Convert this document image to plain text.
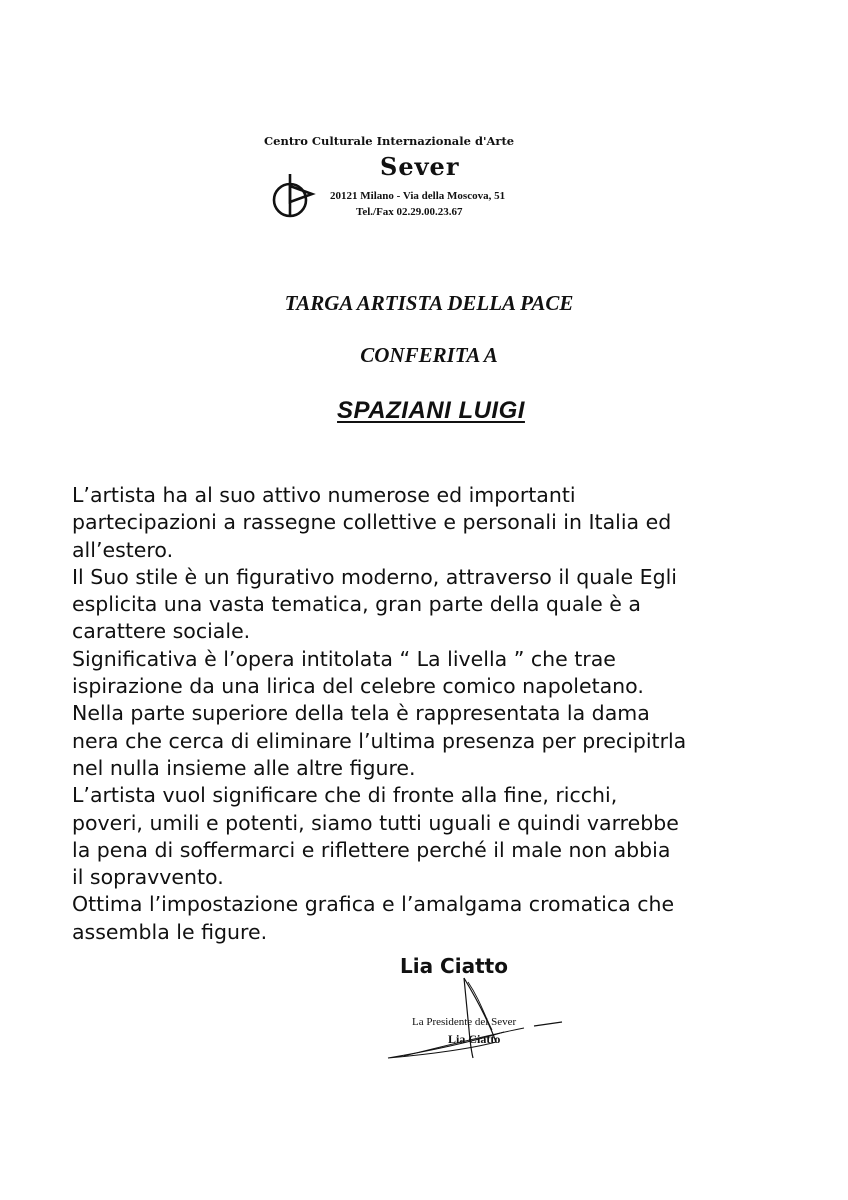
Centro Culturale Internazionale d'Arte
Sever
20121 Milano - Via della Moscova, 51
Tel./Fax 02.29.00.23.67
TARGA ARTISTA DELLA PACE
CONFERITA A
SPAZIANI LUIGI
L’artista ha al suo attivo numerose ed importanti
partecipazioni a rassegne collettive e personali in Italia ed
all’estero.
Il Suo stile è un figurativo moderno, attraverso il quale Egli
esplicita una vasta tematica, gran parte della quale è a
carattere sociale.
Significativa è l’opera intitolata “ La livella ” che trae
ispirazione da una lirica del celebre comico napoletano.
Nella parte superiore della tela è rappresentata la dama
nera che cerca di eliminare l’ultima presenza per precipitrla
nel nulla insieme alle altre figure.
L’artista vuol significare che di fronte alla fine, ricchi,
poveri, umili e potenti, siamo tutti uguali e quindi varrebbe
la pena di soffermarci e riflettere perché il male non abbia
il sopravvento.
Ottima l’impostazione grafica e l’amalgama cromatica che
assembla le figure.
Lia Ciatto
La Presidente del Sever
Lia Ciatto
